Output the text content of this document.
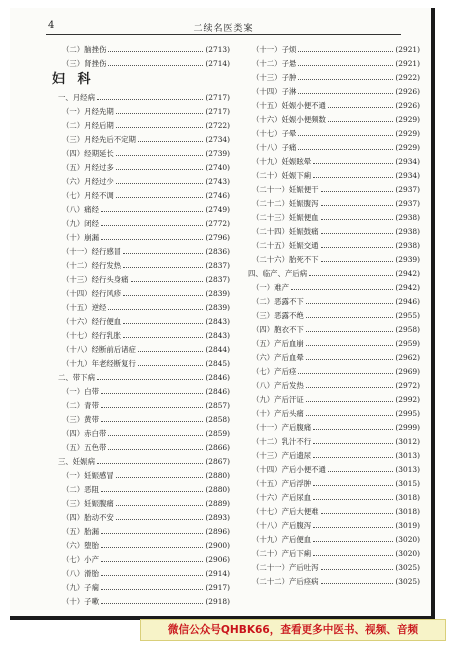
4	二续名医类案
（二）脑挫伤	(2713)
（三）肾挫伤	(2714)
妇 科
一、月经病	(2717)
（一）月经先期	(2717)
（二）月经后期	(2722)
（三）月经先后不定期	(2734)
（四）经期延长	(2739)
（五）月经过多	(2740)
（六）月经过少	(2743)
（七）月经不调	(2746)
（八）痛经	(2749)
（九）闭经	(2772)
（十）崩漏	(2796)
（十一）经行感冒	(2836)
（十二）经行发热	(2837)
（十三）经行头身痛	(2837)
（十四）经行风疹	(2839)
（十五）逆经	(2839)
（十六）经行便血	(2843)
（十七）经行乳胀	(2843)
（十八）经断前后诸症	(2844)
（十九）年老经断复行	(2845)
二、带下病	(2846)
（一）白带	(2846)
（二）青带	(2857)
（三）黄带	(2858)
（四）赤白带	(2859)
（五）五色带	(2866)
三、妊娠病	(2867)
（一）妊娠感冒	(2880)
（二）恶阻	(2880)
（三）妊娠腹痛	(2889)
（四）胎动不安	(2893)
（五）胎漏	(2896)
（六）堕胎	(2900)
（七）小产	(2906)
（八）滑胎	(2914)
（九）子痫	(2917)
（十）子嗽	(2918)
（十一）子烦	(2921)
（十二）子悬	(2921)
（十三）子肿	(2922)
（十四）子淋	(2926)
（十五）妊娠小便不通	(2926)
（十六）妊娠小便频数	(2929)
（十七）子晕	(2929)
（十八）子痛	(2929)
（十九）妊娠眩晕	(2934)
（二十）妊娠下痢	(2934)
（二十一）妊娠便干	(2937)
（二十二）妊娠腹泻	(2937)
（二十三）妊娠便血	(2938)
（二十四）妊娠鼓痛	(2938)
（二十五）妊娠交通	(2938)
（二十六）胎死不下	(2939)
四、临产、产后病	(2942)
（一）难产	(2942)
（二）恶露不下	(2946)
（三）恶露不绝	(2955)
（四）胞衣不下	(2958)
（五）产后血崩	(2959)
（六）产后血晕	(2962)
（七）产后痉	(2969)
（八）产后发热	(2972)
（九）产后汗证	(2992)
（十）产后头痛	(2995)
（十一）产后腹痛	(2999)
（十二）乳汁不行	(3012)
（十三）产后遗尿	(3013)
（十四）产后小便不通	(3013)
（十五）产后浮肿	(3015)
（十六）产后尿血	(3018)
（十七）产后大便难	(3018)
（十八）产后腹泻	(3019)
（十九）产后便血	(3020)
（二十）产后下痢	(3020)
（二十一）产后吐泻	(3025)
（二十二）产后痉病	(3025)
微信公众号QHBK66，查看更多中医书、视频、音频
